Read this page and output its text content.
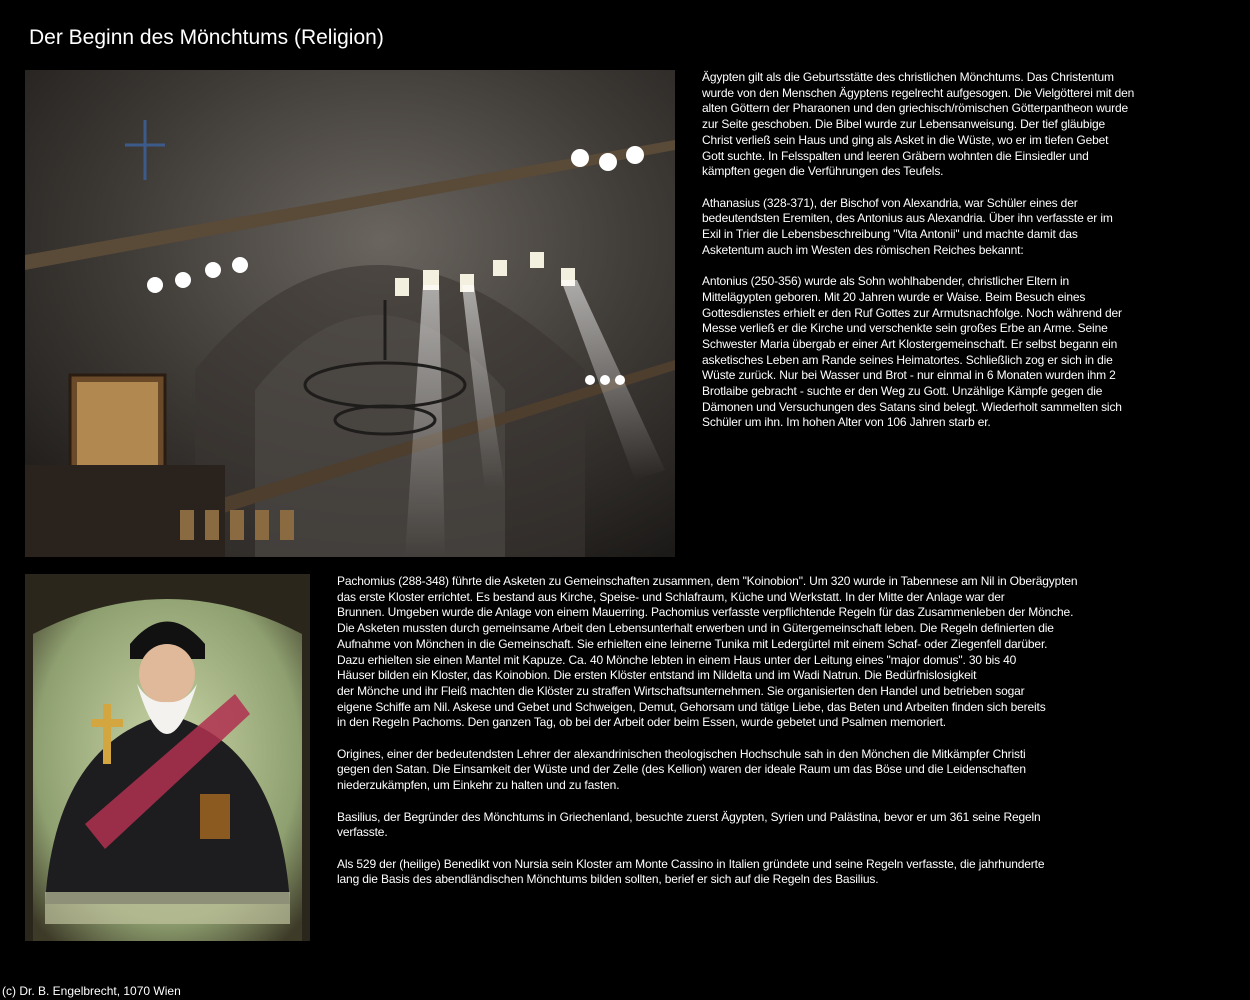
Der Beginn des Mönchtums (Religion)

Ägypten gilt als die Geburtsstätte des christlichen Mönchtums. Das Christentum
wurde von den Menschen Ägyptens regelrecht aufgesogen. Die Vielgötterei mit den
alten Göttern der Pharaonen und den griechisch/römischen Götterpantheon wurde
zur Seite geschoben. Die Bibel wurde zur Lebensanweisung. Der tief gläubige
Christ verließ sein Haus und ging als Asket in die Wüste, wo er im tiefen Gebet
Gott suchte. In Felsspalten und leeren Gräbern wohnten die Einsiedler und
kämpften gegen die Verführungen des Teufels.

Athanasius (328-371), der Bischof von Alexandria, war Schüler eines der
bedeutendsten Eremiten, des Antonius aus Alexandria. Über ihn verfasste er im
Exil in Trier die Lebensbeschreibung "Vita Antonii" und machte damit das
Asketentum auch im Westen des römischen Reiches bekannt:

Antonius (250-356) wurde als Sohn wohlhabender, christlicher Eltern in
Mittelägypten geboren. Mit 20 Jahren wurde er Waise. Beim Besuch eines
Gottesdienstes erhielt er den Ruf Gottes zur Armutsnachfolge. Noch während der
Messe verließ er die Kirche und verschenkte sein großes Erbe an Arme. Seine
Schwester Maria übergab er einer Art Klostergemeinschaft. Er selbst begann ein
asketisches Leben am Rande seines Heimatortes. Schließlich zog er sich in die
Wüste zurück. Nur bei Wasser und Brot - nur einmal in 6 Monaten wurden ihm 2
Brotlaibe gebracht - suchte er den Weg zu Gott. Unzählige Kämpfe gegen die
Dämonen und Versuchungen des Satans sind belegt. Wiederholt sammelten sich
Schüler um ihn. Im hohen Alter von 106 Jahren starb er.

Pachomius (288-348) führte die Asketen zu Gemeinschaften zusammen, dem "Koinobion". Um 320 wurde in Tabennese am Nil in Oberägypten
das erste Kloster errichtet. Es bestand aus Kirche, Speise- und Schlafraum, Küche und Werkstatt. In der Mitte der Anlage war der
Brunnen. Umgeben wurde die Anlage von einem Mauerring. Pachomius verfasste verpflichtende Regeln für das Zusammenleben der Mönche.
Die Asketen mussten durch gemeinsame Arbeit den Lebensunterhalt erwerben und in Gütergemeinschaft leben. Die Regeln definierten die
Aufnahme von Mönchen in die Gemeinschaft. Sie erhielten eine leinerne Tunika mit Ledergürtel mit einem Schaf- oder Ziegenfell darüber.
Dazu erhielten sie einen Mantel mit Kapuze. Ca. 40 Mönche lebten in einem Haus unter der Leitung eines "major domus". 30 bis 40
Häuser bilden ein Kloster, das Koinobion. Die ersten Klöster entstand im Nildelta und im Wadi Natrun. Die Bedürfnislosigkeit
der Mönche und ihr Fleiß machten die Klöster zu straffen Wirtschaftsunternehmen. Sie organisierten den Handel und betrieben sogar
eigene Schiffe am Nil. Askese und Gebet und Schweigen, Demut, Gehorsam und tätige Liebe, das Beten und Arbeiten finden sich bereits
in den Regeln Pachoms. Den ganzen Tag, ob bei der Arbeit oder beim Essen, wurde gebetet und Psalmen memoriert.

Origines, einer der bedeutendsten Lehrer der alexandrinischen theologischen Hochschule sah in den Mönchen die Mitkämpfer Christi
gegen den Satan. Die Einsamkeit der Wüste und der Zelle (des Kellion) waren der ideale Raum um das Böse und die Leidenschaften
niederzukämpfen, um Einkehr zu halten und zu fasten.

Basilius, der Begründer des Mönchtums in Griechenland, besuchte zuerst Ägypten, Syrien und Palästina, bevor er um 361 seine Regeln
verfasste.

Als 529 der (heilige) Benedikt von Nursia sein Kloster am Monte Cassino in Italien gründete und seine Regeln verfasste, die jahrhunderte
lang die Basis des abendländischen Mönchtums bilden sollten, berief er sich auf die Regeln des Basilius.

(c) Dr. B. Engelbrecht, 1070 Wien
